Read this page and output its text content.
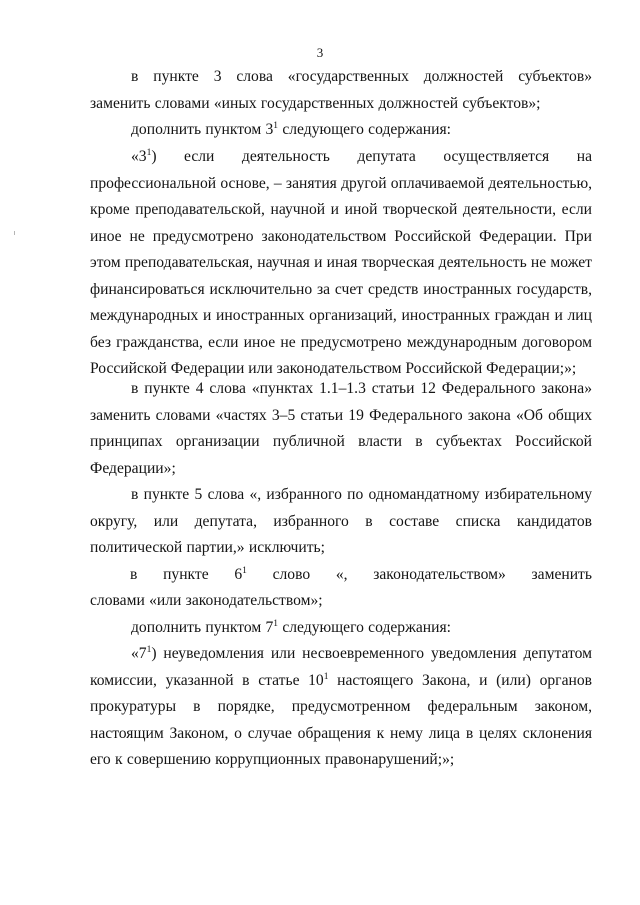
3

в пункте 3 слова «государственных должностей субъектов» заменить словами «иных государственных должностей субъектов»;

дополнить пунктом $3^1$ следующего содержания:

«$3^1$) если деятельность депутата осуществляется на профессиональной основе, – занятия другой оплачиваемой деятельностью, кроме преподавательской, научной и иной творческой деятельности, если иное не предусмотрено законодательством Российской Федерации. При этом преподавательская, научная и иная творческая деятельность не может финансироваться исключительно за счет средств иностранных государств, международных и иностранных организаций, иностранных граждан и лиц без гражданства, если иное не предусмотрено международным договором Российской Федерации или законодательством Российской Федерации;»;

в пункте 4 слова «пунктах 1.1–1.3 статьи 12 Федерального закона» заменить словами «частях 3–5 статьи 19 Федерального закона «Об общих принципах организации публичной власти в субъектах Российской Федерации»;

в пункте 5 слова «, избранного по одномандатному избирательному округу, или депутата, избранного в составе списка кандидатов политической партии,» исключить;

в пункте $6^1$ слово «, законодательством» заменить

словами «или законодательством»;

дополнить пунктом $7^1$ следующего содержания:

«$7^1$) неуведомления или несвоевременного уведомления депутатом комиссии, указанной в статье $10^1$ настоящего Закона, и (или) органов прокуратуры в порядке, предусмотренном федеральным законом, настоящим Законом, о случае обращения к нему лица в целях склонения его к совершению коррупционных правонарушений;»;
